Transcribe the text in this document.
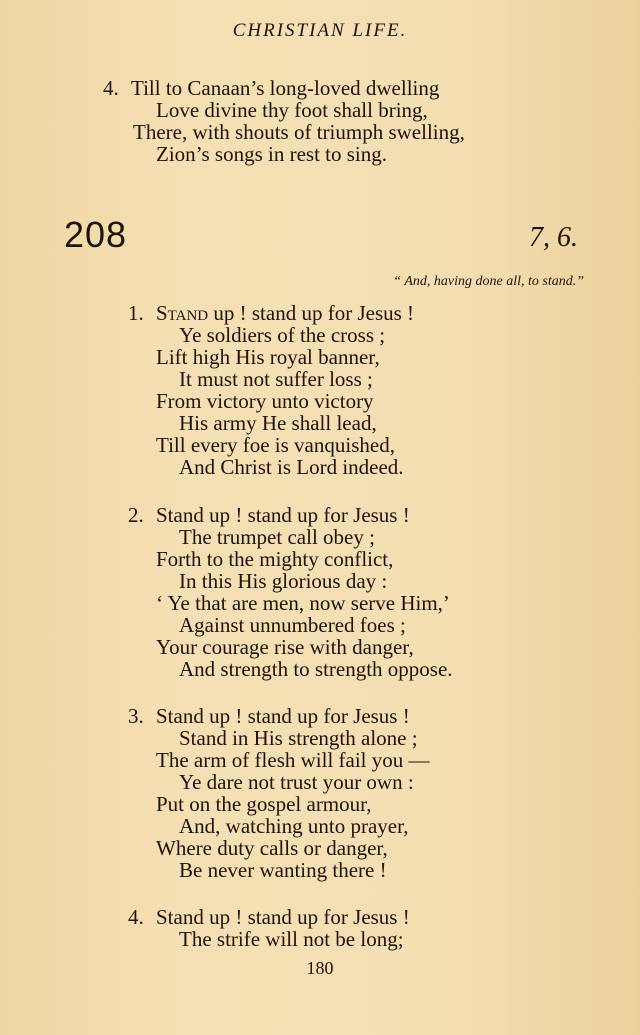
CHRISTIAN LIFE.
4. Till to Canaan’s long-loved dwelling
Love divine thy foot shall bring,
There, with shouts of triumph swelling,
Zion’s songs in rest to sing.
208	7, 6.
“ And, having done all, to stand.”
1. Stand up ! stand up for Jesus !
Ye soldiers of the cross ;
Lift high His royal banner,
It must not suffer loss ;
From victory unto victory
His army He shall lead,
Till every foe is vanquished,
And Christ is Lord indeed.
2. Stand up ! stand up for Jesus !
The trumpet call obey ;
Forth to the mighty conflict,
In this His glorious day :
‘ Ye that are men, now serve Him,’
Against unnumbered foes ;
Your courage rise with danger,
And strength to strength oppose.
3. Stand up ! stand up for Jesus !
Stand in His strength alone ;
The arm of flesh will fail you —
Ye dare not trust your own :
Put on the gospel armour,
And, watching unto prayer,
Where duty calls or danger,
Be never wanting there !
4. Stand up ! stand up for Jesus !
The strife will not be long;
180
